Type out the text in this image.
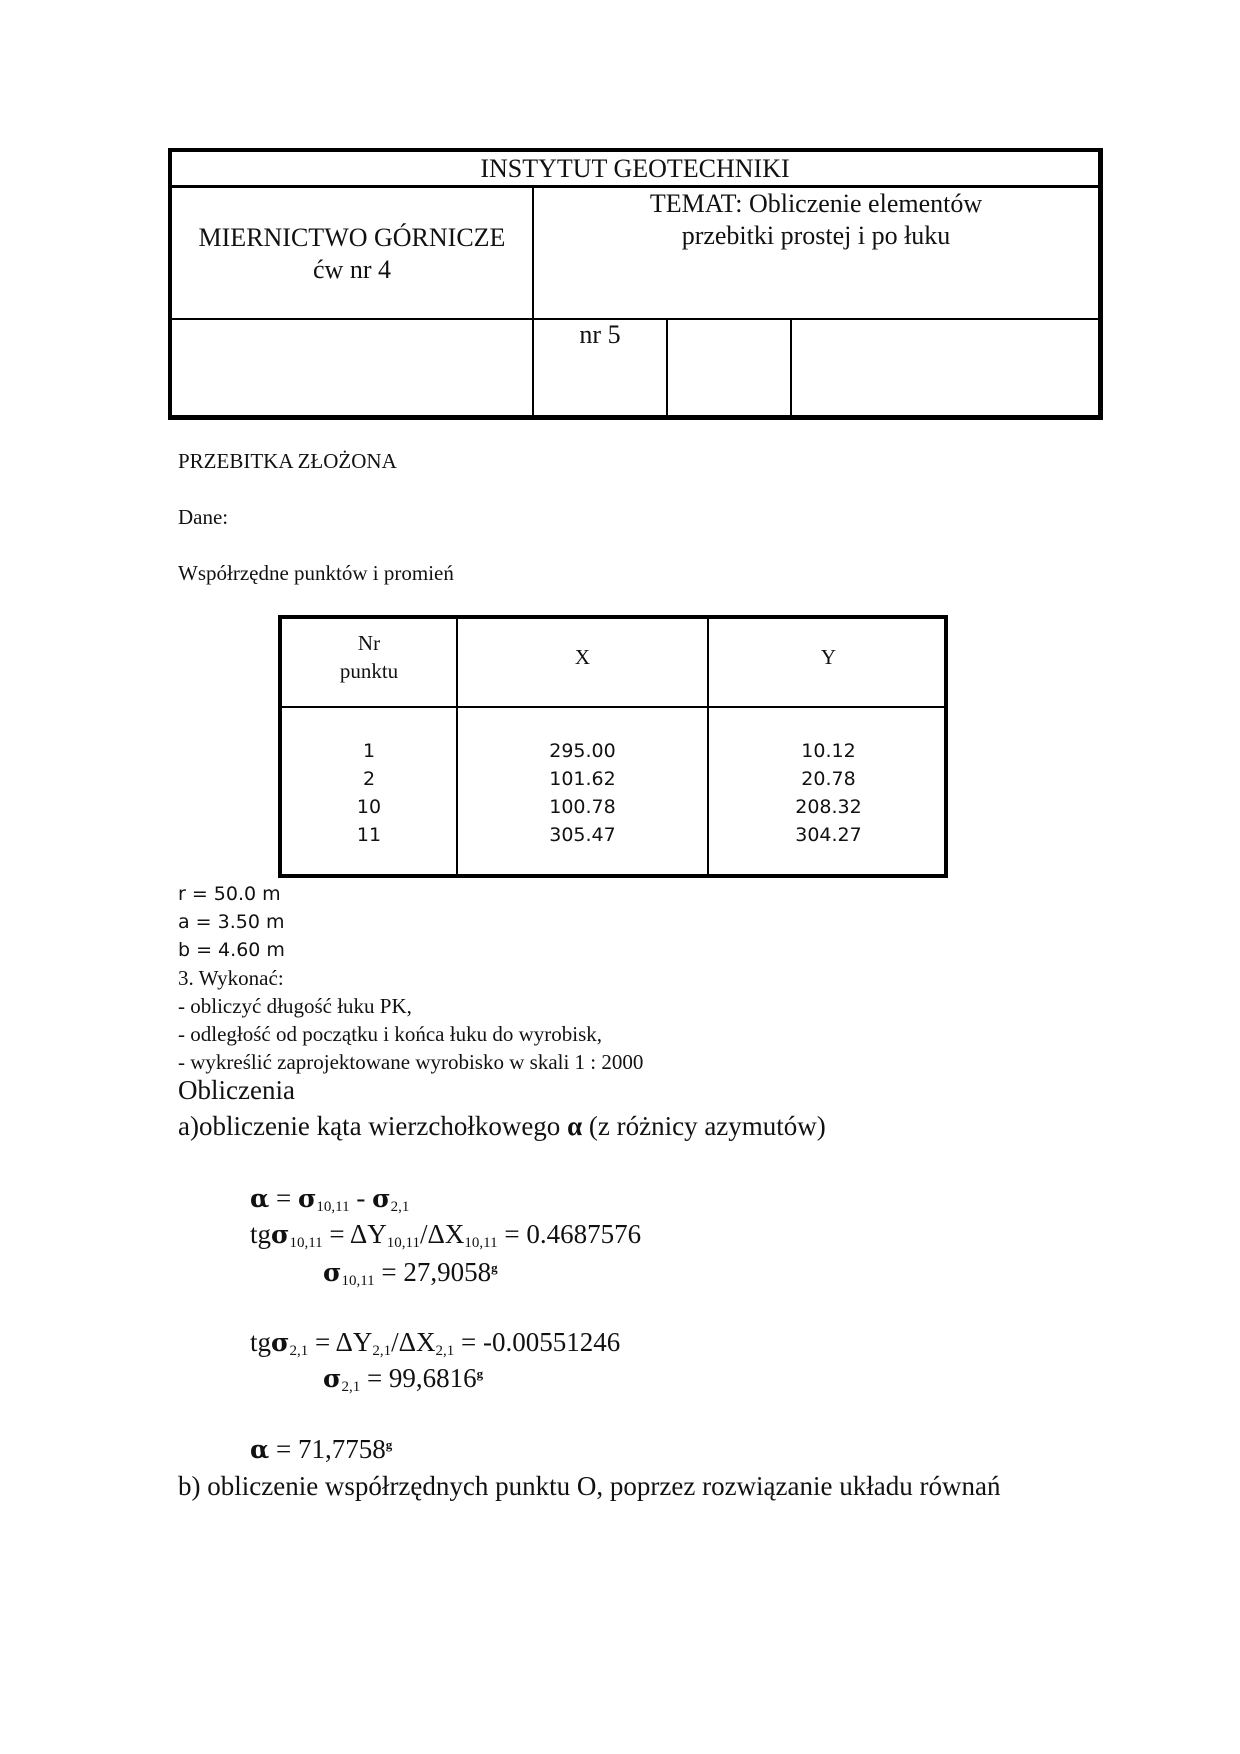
INSTYTUT GEOTECHNIKI
MIERNICTWO GÓRNICZE
ćw nr 4
TEMAT: Obliczenie elementów
przebitki prostej i po łuku
nr 5
PRZEBITKA ZŁOŻONA
Dane:
Współrzędne punktów i promień
Nr
punktu
X	Y
1
2
10
11
295.00
101.62
100.78
305.47
10.12
20.78
208.32
304.27
r = 50.0 m
a = 3.50 m
b = 4.60 m
3. Wykonać:
- obliczyć długość łuku PK,
- odległość od początku i końca łuku do wyrobisk,
- wykreślić zaprojektowane wyrobisko w skali 1 : 2000
Obliczenia
a)obliczenie kąta wierzchołkowego α (z różnicy azymutów)
$\alpha = \sigma_{10,11} - \sigma_{2,1}$
$tg\sigma_{10,11} = \Delta Y_{10,11}/\Delta X_{10,11} = 0.4687576$
$\sigma_{10,11} = 27,9058^g$
$tg\sigma_{2,1} = \Delta Y_{2,1}/\Delta X_{2,1} = -0.00551246$
$\sigma_{2,1} = 99,6816^g$
α = 71,7758$^g$
b) obliczenie współrzędnych punktu O, poprzez rozwiązanie układu równań
